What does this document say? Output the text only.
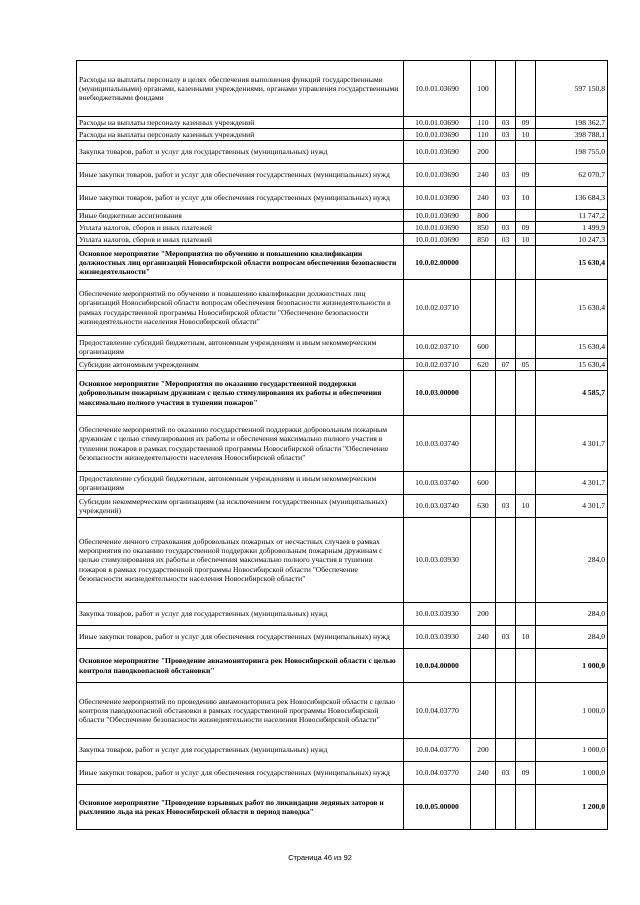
Расходы на выплаты персоналу в целях обеспечения выполнения функций государственными (муниципальными) органами, казенными учреждениями, органами управления государственными внебюджетными фондами	10.0.01.03690	100			597 150,8
Расходы на выплаты персоналу казенных учреждений	10.0.01.03690	110	03	09	198 362,7
Расходы на выплаты персоналу казенных учреждений	10.0.01.03690	110	03	10	398 788,1
Закупка товаров, работ и услуг для государственных (муниципальных) нужд	10.0.01.03690	200			198 755,0
Иные закупки товаров, работ и услуг для обеспечения государственных (муниципальных) нужд	10.0.01.03690	240	03	09	62 070,7
Иные закупки товаров, работ и услуг для обеспечения государственных (муниципальных) нужд	10.0.01.03690	240	03	10	136 684,3
Иные бюджетные ассигнования	10.0.01.03690	800			11 747,2
Уплата налогов, сборов и иных платежей	10.0.01.03690	850	03	09	1 499,9
Уплата налогов, сборов и иных платежей	10.0.01.03690	850	03	10	10 247,3
Основное мероприятие "Мероприятия по обучению и повышению квалификации должностных лиц организаций Новосибирской области вопросам обеспечения безопасности жизнедеятельности"	10.0.02.00000				15 630,4
Обеспечение мероприятий по обучению и повышению квалификации должностных лиц организаций Новосибирской области вопросам обеспечения безопасности жизнедеятельности в рамках государственной программы Новосибирской области "Обеспечение безопасности жизнедеятельности населения Новосибирской области"	10.0.02.03710				15 630,4
Предоставление субсидий бюджетным, автономным учреждениям и иным некоммерческим организациям	10.0.02.03710	600			15 630,4
Субсидии автономным учреждениям	10.0.02.03710	620	07	05	15 630,4
Основное мероприятие "Мероприятия по оказанию государственной поддержки добровольным пожарным дружинам с целью стимулирования их работы и обеспечения максимально полного участия в тушении пожаров"	10.0.03.00000				4 585,7
Обеспечение мероприятий по оказанию государственной поддержки добровольным пожарным дружинам с целью стимулирования их работы и обеспечения максимально полного участия в тушении пожаров в рамках государственной программы Новосибирской области "Обеспечение безопасности жизнедеятельности населения Новосибирской области"	10.0.03.03740				4 301,7
Предоставление субсидий бюджетным, автономным учреждениям и иным некоммерческим организациям	10.0.03.03740	600			4 301,7
Субсидии некоммерческим организациям (за исключением государственных (муниципальных) учреждений)	10.0.03.03740	630	03	10	4 301,7
Обеспечение личного страхования добровольных пожарных от несчастных случаев в рамках мероприятия по оказанию государственной поддержки добровольным пожарным дружинам с целью стимулирования их работы и обеспечения максимально полного участия в тушении пожаров в рамках государственной программы Новосибирской области "Обеспечение безопасности жизнедеятельности населения Новосибирской области"	10.0.03.03930				284,0
Закупка товаров, работ и услуг для государственных (муниципальных) нужд	10.0.03.03930	200			284,0
Иные закупки товаров, работ и услуг для обеспечения государственных (муниципальных) нужд	10.0.03.03930	240	03	10	284,0
Основное мероприятие "Проведение авиамониторинга рек Новосибирской области с целью контроля паводкоопасной обстановки"	10.0.04.00000				1 000,0
Обеспечение мероприятий по проведению авиамониторинга рек Новосибирской области с целью контроля паводкоопасной обстановки в рамках государственной программы Новосибирской области "Обеспечение безопасности жизнедеятельности населения Новосибирской области"	10.0.04.03770				1 000,0
Закупка товаров, работ и услуг для государственных (муниципальных) нужд	10.0.04.03770	200			1 000,0
Иные закупки товаров, работ и услуг для обеспечения государственных (муниципальных) нужд	10.0.04.03770	240	03	09	1 000,0
Основное мероприятие "Проведение взрывных работ по ликвидации ледяных заторов и рыхлению льда на реках Новосибирской области в период паводка"	10.0.05.00000				1 200,0
Страница 46 из 92
